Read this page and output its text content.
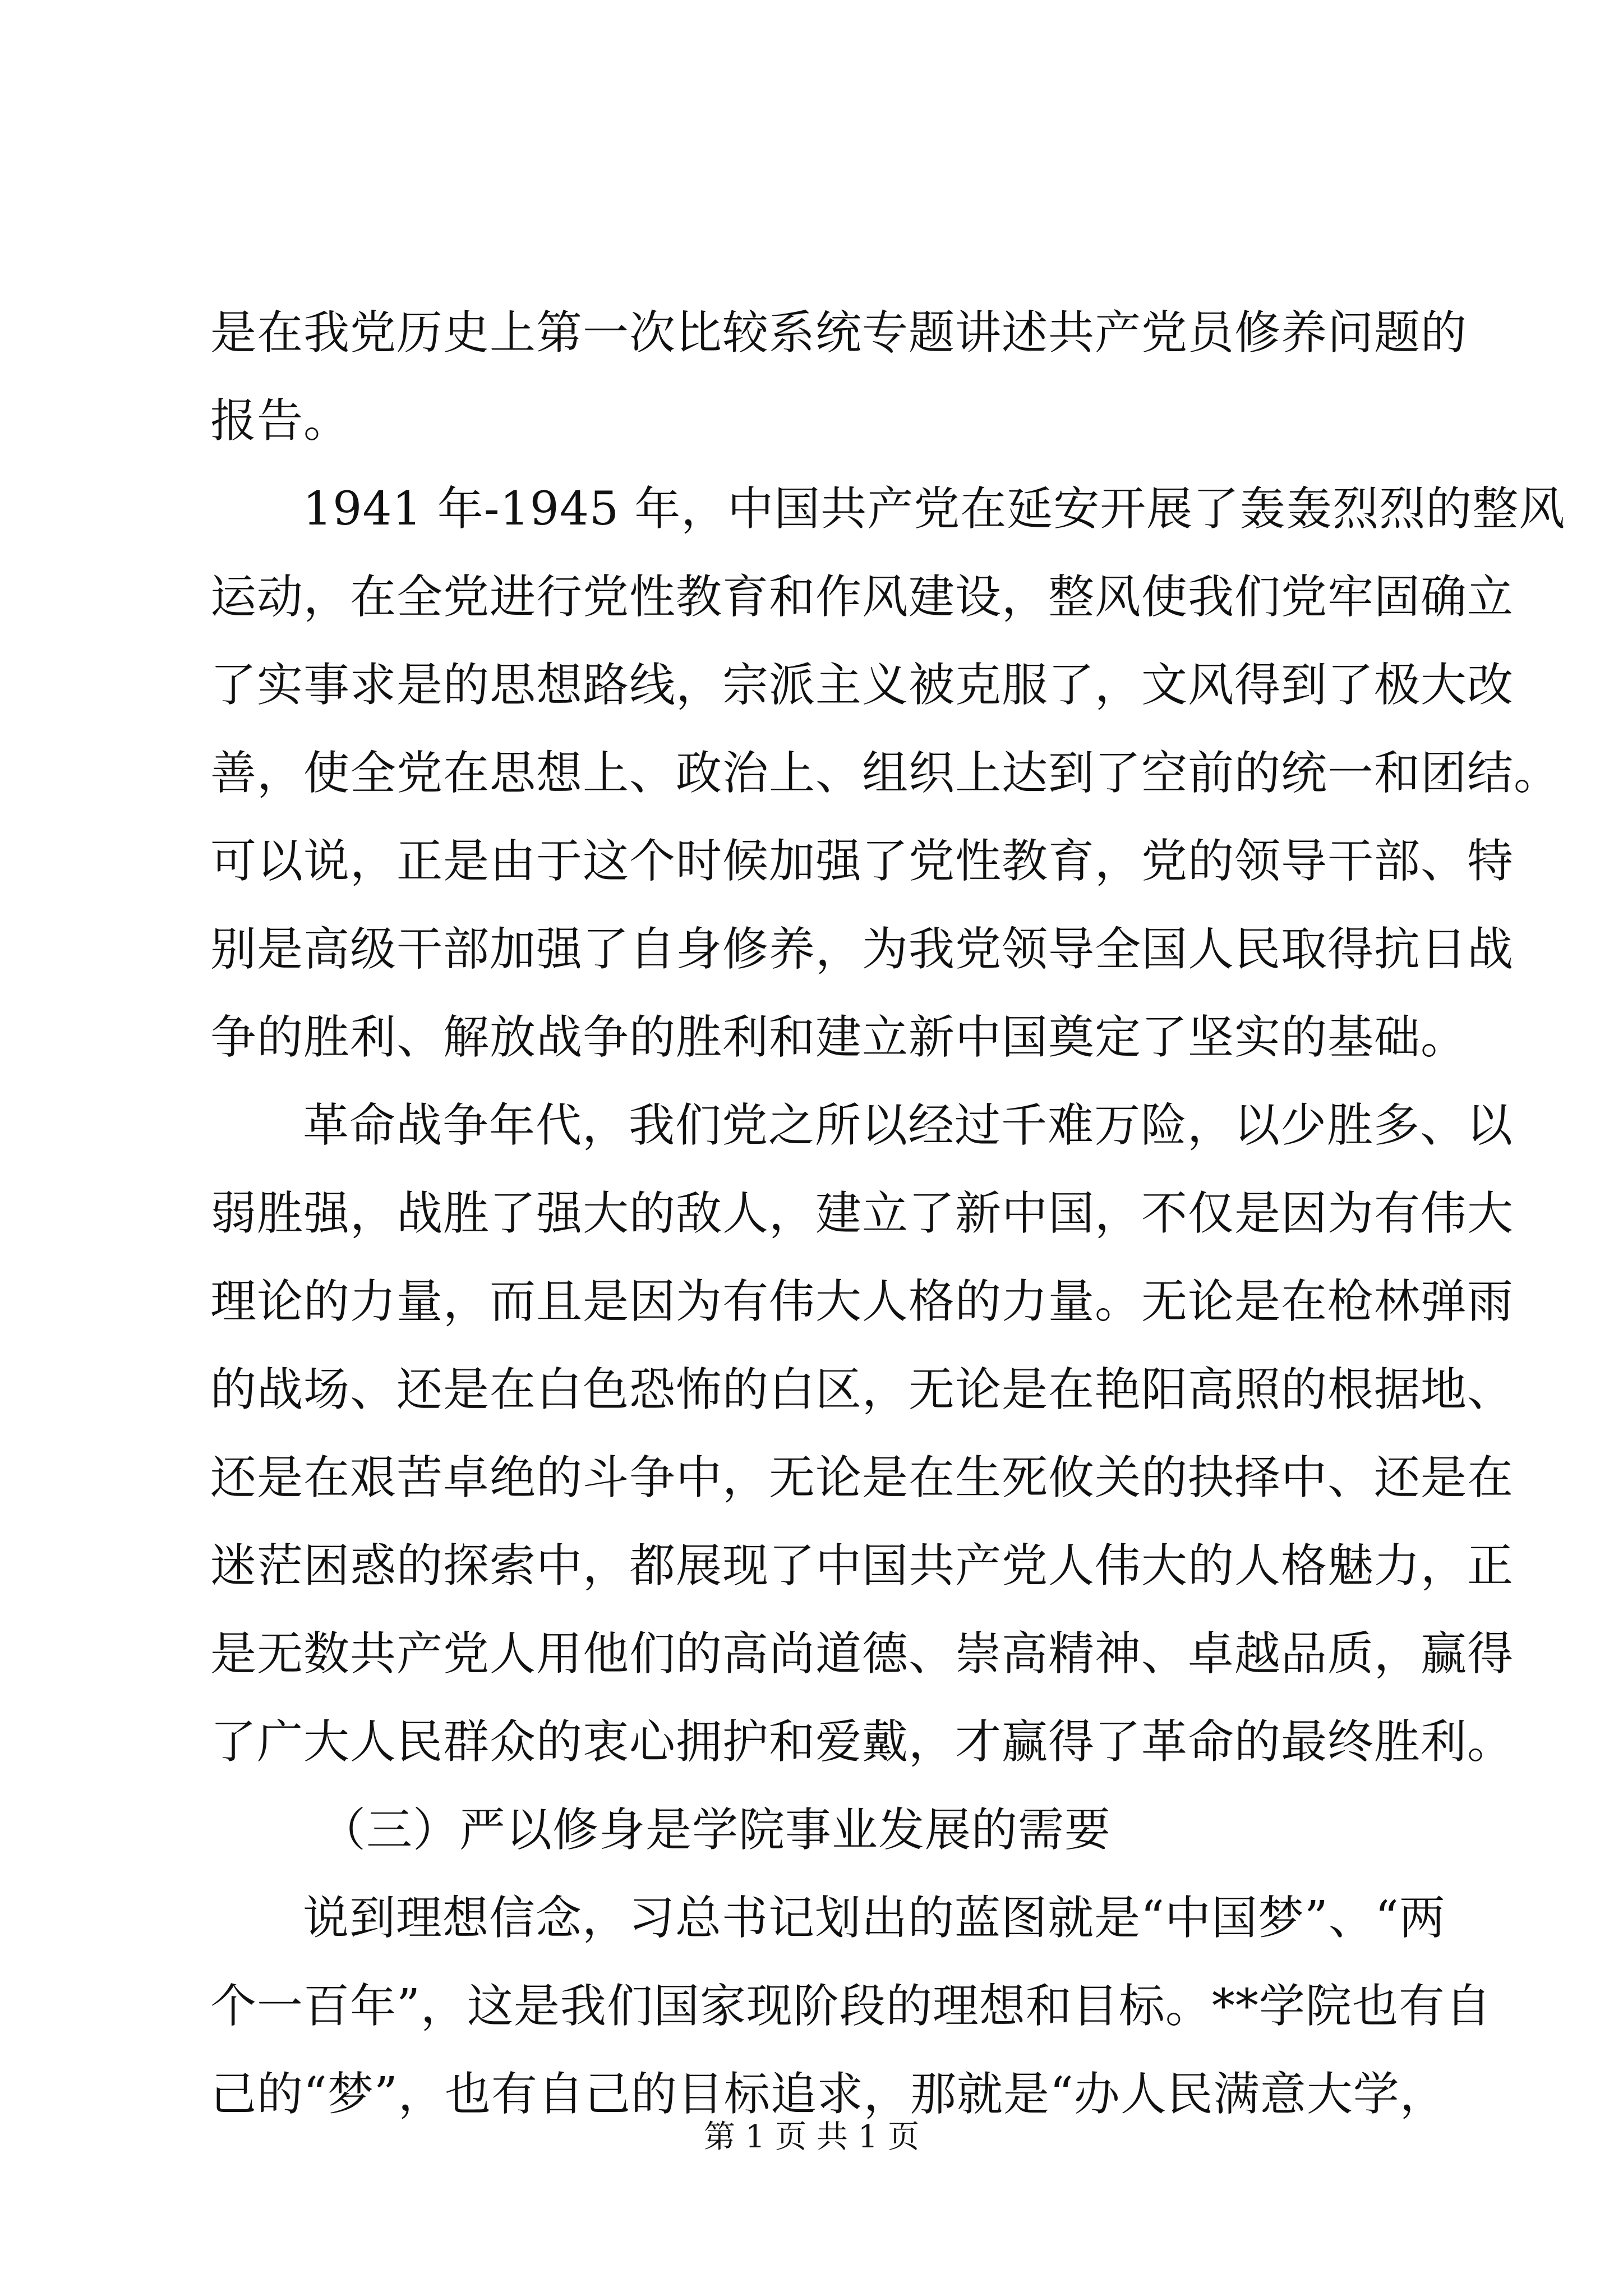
是在我党历史上第一次比较系统专题讲述共产党员修养问题的
报告。
1941 年-1945 年，中国共产党在延安开展了轰轰烈烈的整风
运动，在全党进行党性教育和作风建设，整风使我们党牢固确立
了实事求是的思想路线，宗派主义被克服了，文风得到了极大改
善，使全党在思想上、政治上、组织上达到了空前的统一和团结。
可以说，正是由于这个时候加强了党性教育，党的领导干部、特
别是高级干部加强了自身修养，为我党领导全国人民取得抗日战
争的胜利、解放战争的胜利和建立新中国奠定了坚实的基础。
革命战争年代，我们党之所以经过千难万险，以少胜多、以
弱胜强，战胜了强大的敌人，建立了新中国，不仅是因为有伟大
理论的力量，而且是因为有伟大人格的力量。无论是在枪林弹雨
的战场、还是在白色恐怖的白区，无论是在艳阳高照的根据地、
还是在艰苦卓绝的斗争中，无论是在生死攸关的抉择中、还是在
迷茫困惑的探索中，都展现了中国共产党人伟大的人格魅力，正
是无数共产党人用他们的高尚道德、崇高精神、卓越品质，赢得
了广大人民群众的衷心拥护和爱戴，才赢得了革命的最终胜利。
（三）严以修身是学院事业发展的需要
说到理想信念，习总书记划出的蓝图就是“中国梦”、“两
个一百年”，这是我们国家现阶段的理想和目标。**学院也有自
己的“梦”，也有自己的目标追求，那就是“办人民满意大学，
第 1 页 共 1 页
